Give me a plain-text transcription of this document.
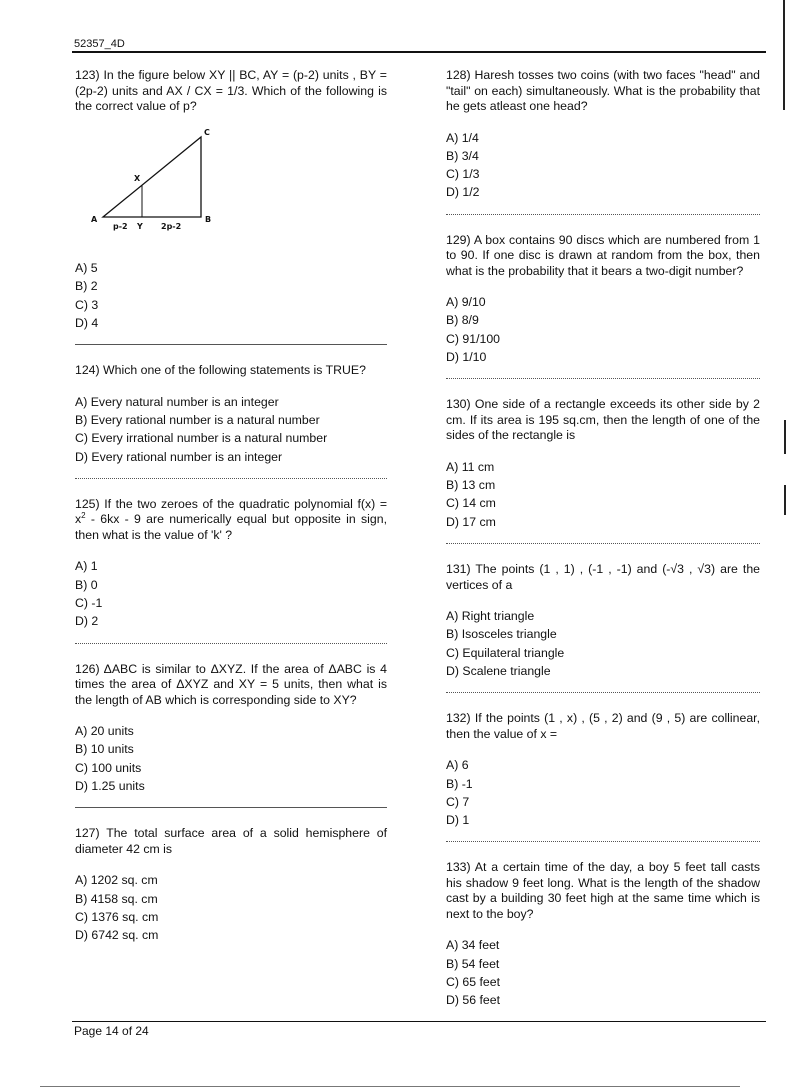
52357_4D

123) In the figure below XY || BC, AY = (p-2) units , BY = (2p-2) units and AX / CX = 1/3. Which of the following is the correct value of p?

C
X
A	B
p-2 Y 2p-2
A) 5
B) 2
C) 3
D) 4

124) Which one of the following statements is TRUE?

A) Every natural number is an integer
B) Every rational number is a natural number
C) Every irrational number is a natural number
D) Every rational number is an integer

125) If the two zeroes of the quadratic polynomial $f(x) = x^2 - 6kx - 9$ are numerically equal but opposite in sign, then what is the value of 'k' ?

A) 1
B) 0
C) -1
D) 2

126) ΔABC is similar to ΔXYZ. If the area of ΔABC is 4 times the area of ΔXYZ and XY = 5 units, then what is the length of AB which is corresponding side to XY?

A) 20 units
B) 10 units
C) 100 units
D) 1.25 units

127) The total surface area of a solid hemisphere of diameter 42 cm is

A) 1202 sq. cm
B) 4158 sq. cm
C) 1376 sq. cm
D) 6742 sq. cm

128) Haresh tosses two coins (with two faces "head" and "tail" on each) simultaneously. What is the probability that he gets atleast one head?

A) 1/4
B) 3/4
C) 1/3
D) 1/2

129) A box contains 90 discs which are numbered from 1 to 90. If one disc is drawn at random from the box, then what is the probability that it bears a two-digit number?

A) 9/10
B) 8/9
C) 91/100
D) 1/10

130) One side of a rectangle exceeds its other side by 2 cm. If its area is 195 sq.cm, then the length of one of the sides of the rectangle is

A) 11 cm
B) 13 cm
C) 14 cm
D) 17 cm

131) The points (1 , 1) , (-1 , -1) and (-√3 , √3) are the vertices of a

A) Right triangle
B) Isosceles triangle
C) Equilateral triangle
D) Scalene triangle

132) If the points (1 , x) , (5 , 2) and (9 , 5) are collinear, then the value of x =

A) 6
B) -1
C) 7
D) 1

133) At a certain time of the day, a boy 5 feet tall casts his shadow 9 feet long. What is the length of the shadow cast by a building 30 feet high at the same time which is next to the boy?

A) 34 feet
B) 54 feet
C) 65 feet
D) 56 feet
Page 14 of 24
